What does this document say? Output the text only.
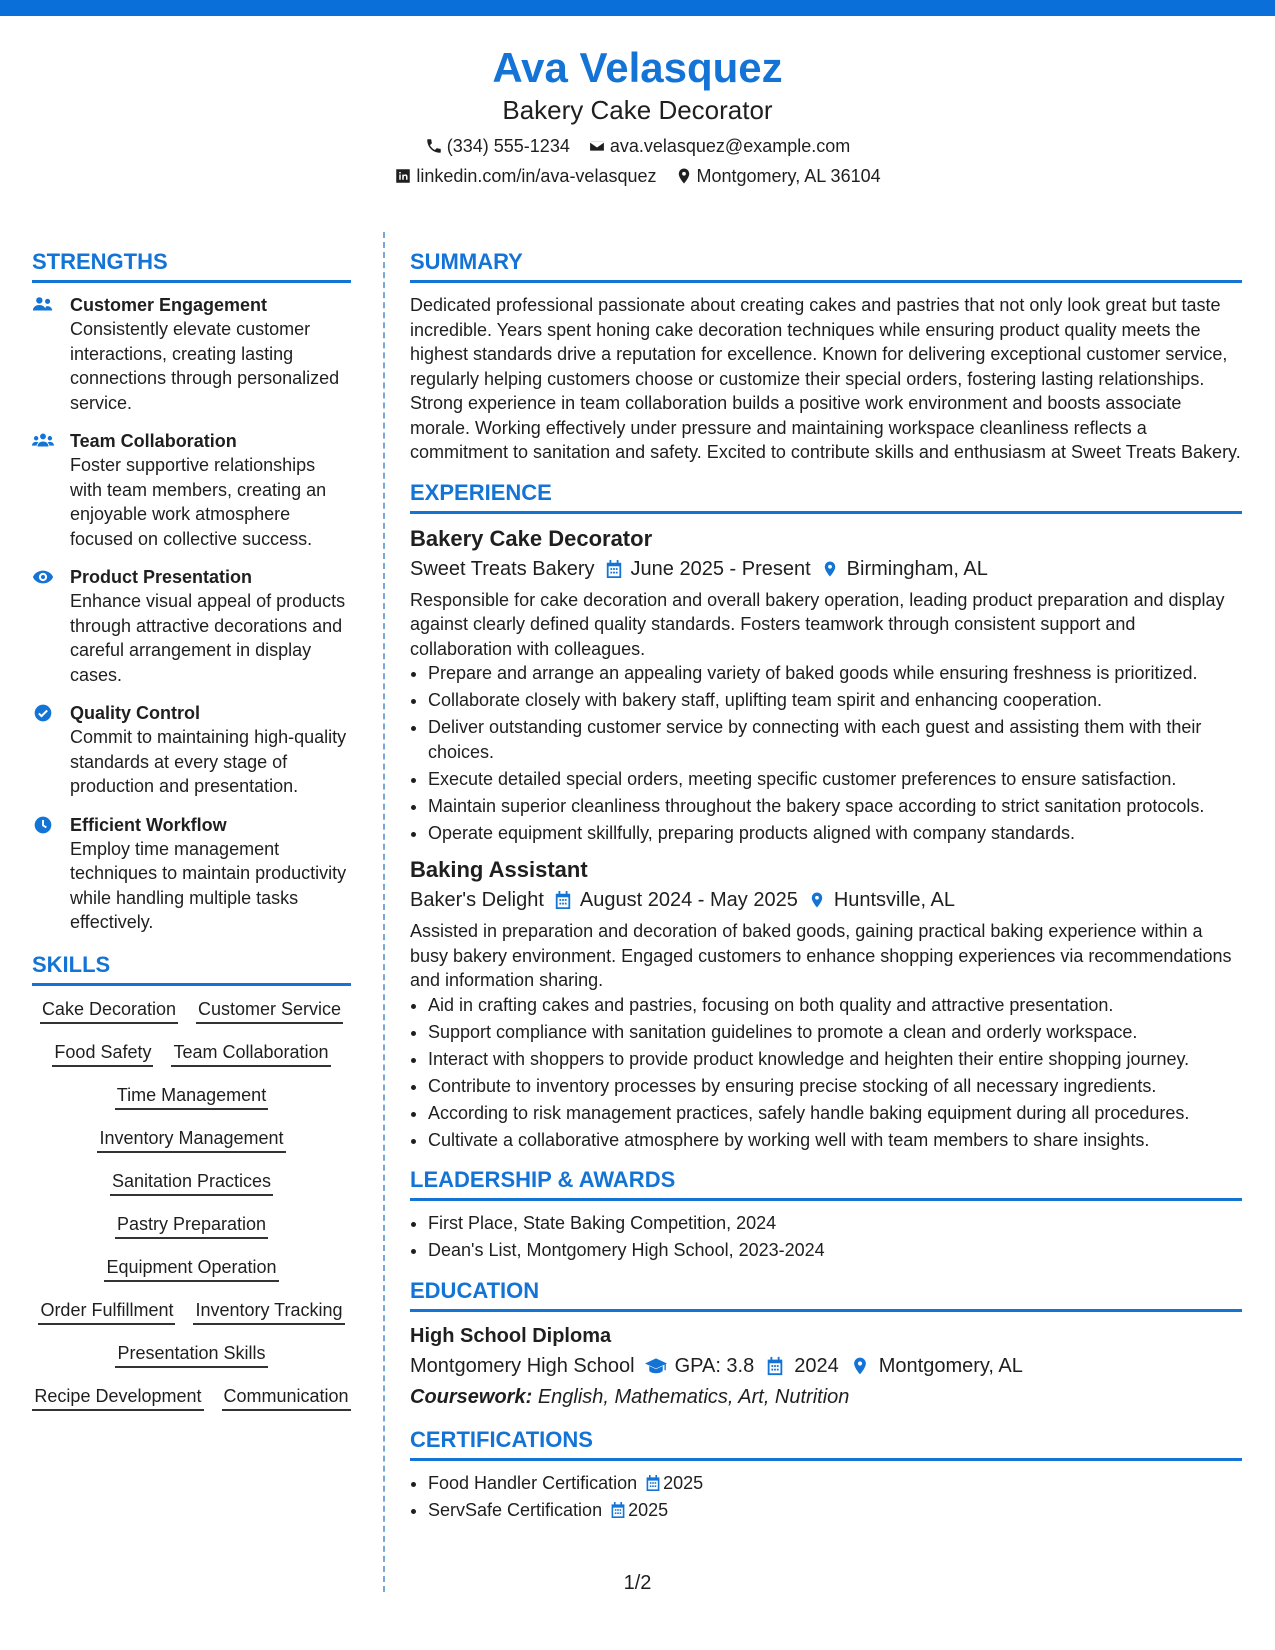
Ava Velasquez
Bakery Cake Decorator
(334) 555-1234 ava.velasquez@example.com
linkedin.com/in/ava-velasquez Montgomery, AL 36104
STRENGTHS
Customer Engagement
Consistently elevate customer interactions, creating lasting connections through personalized service.
Team Collaboration
Foster supportive relationships with team members, creating an enjoyable work atmosphere focused on collective success.
Product Presentation
Enhance visual appeal of products through attractive decorations and careful arrangement in display cases.
Quality Control
Commit to maintaining high-quality standards at every stage of production and presentation.
Efficient Workflow
Employ time management techniques to maintain productivity while handling multiple tasks effectively.
SKILLS
Cake Decoration Customer Service
Food Safety Team Collaboration
Time Management
Inventory Management
Sanitation Practices
Pastry Preparation
Equipment Operation
Order Fulfillment Inventory Tracking
Presentation Skills
Recipe Development Communication
SUMMARY
Dedicated professional passionate about creating cakes and pastries that not only look great but taste incredible. Years spent honing cake decoration techniques while ensuring product quality meets the highest standards drive a reputation for excellence. Known for delivering exceptional customer service, regularly helping customers choose or customize their special orders, fostering lasting relationships. Strong experience in team collaboration builds a positive work environment and boosts associate morale. Working effectively under pressure and maintaining workspace cleanliness reflects a commitment to sanitation and safety. Excited to contribute skills and enthusiasm at Sweet Treats Bakery.
EXPERIENCE
Bakery Cake Decorator
Sweet Treats Bakery June 2025 - Present Birmingham, AL
Responsible for cake decoration and overall bakery operation, leading product preparation and display against clearly defined quality standards. Fosters teamwork through consistent support and collaboration with colleagues.
• Prepare and arrange an appealing variety of baked goods while ensuring freshness is prioritized.
• Collaborate closely with bakery staff, uplifting team spirit and enhancing cooperation.
• Deliver outstanding customer service by connecting with each guest and assisting them with their choices.
• Execute detailed special orders, meeting specific customer preferences to ensure satisfaction.
• Maintain superior cleanliness throughout the bakery space according to strict sanitation protocols.
• Operate equipment skillfully, preparing products aligned with company standards.
Baking Assistant
Baker's Delight August 2024 - May 2025 Huntsville, AL
Assisted in preparation and decoration of baked goods, gaining practical baking experience within a busy bakery environment. Engaged customers to enhance shopping experiences via recommendations and information sharing.
• Aid in crafting cakes and pastries, focusing on both quality and attractive presentation.
• Support compliance with sanitation guidelines to promote a clean and orderly workspace.
• Interact with shoppers to provide product knowledge and heighten their entire shopping journey.
• Contribute to inventory processes by ensuring precise stocking of all necessary ingredients.
• According to risk management practices, safely handle baking equipment during all procedures.
• Cultivate a collaborative atmosphere by working well with team members to share insights.
LEADERSHIP & AWARDS
• First Place, State Baking Competition, 2024
• Dean's List, Montgomery High School, 2023-2024
EDUCATION
High School Diploma
Montgomery High School GPA: 3.8 2024 Montgomery, AL
Coursework: English, Mathematics, Art, Nutrition
CERTIFICATIONS
• Food Handler Certification 2025
• ServSafe Certification 2025
1/2
